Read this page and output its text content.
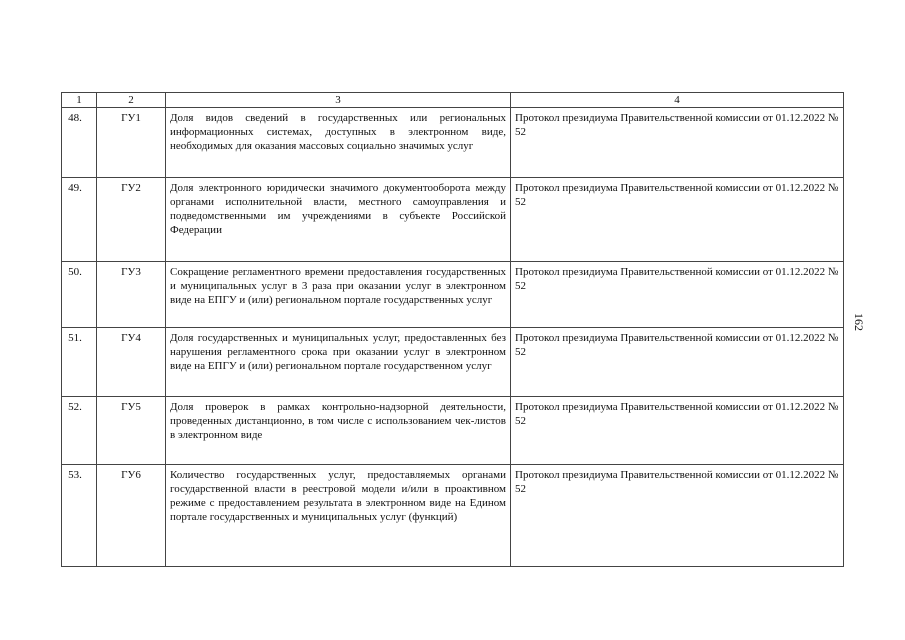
1	2	3	4
48.	ГУ1	Доля видов сведений в государственных или региональных информационных системах, доступных в электронном виде, необходимых для оказания массовых социально значимых услуг	Протокол президиума Правительственной комиссии от 01.12.2022 № 52
49.	ГУ2	Доля электронного юридически значимого документооборота между органами исполнительной власти, местного самоуправления и подведомственными им учреждениями в субъекте Российской Федерации	Протокол президиума Правительственной комиссии от 01.12.2022 № 52
50.	ГУ3	Сокращение регламентного времени предоставления государственных и муниципальных услуг в 3 раза при оказании услуг в электронном виде на ЕПГУ и (или) региональном портале государственных услуг	Протокол президиума Правительственной комиссии от 01.12.2022 № 52
51.	ГУ4	Доля государственных и муниципальных услуг, предоставленных без нарушения регламентного срока при оказании услуг в электронном виде на ЕПГУ и (или) региональном портале государственном услуг	Протокол президиума Правительственной комиссии от 01.12.2022 № 52
52.	ГУ5	Доля проверок в рамках контрольно-надзорной деятельности, проведенных дистанционно, в том числе с использованием чек-листов в электронном виде	Протокол президиума Правительственной комиссии от 01.12.2022 № 52
53.	ГУ6	Количество государственных услуг, предоставляемых органами государственной власти в реестровой модели и/или в проактивном режиме с предоставлением результата в электронном виде на Едином портале государственных и муниципальных услуг (функций)	Протокол президиума Правительственной комиссии от 01.12.2022 № 52
162
